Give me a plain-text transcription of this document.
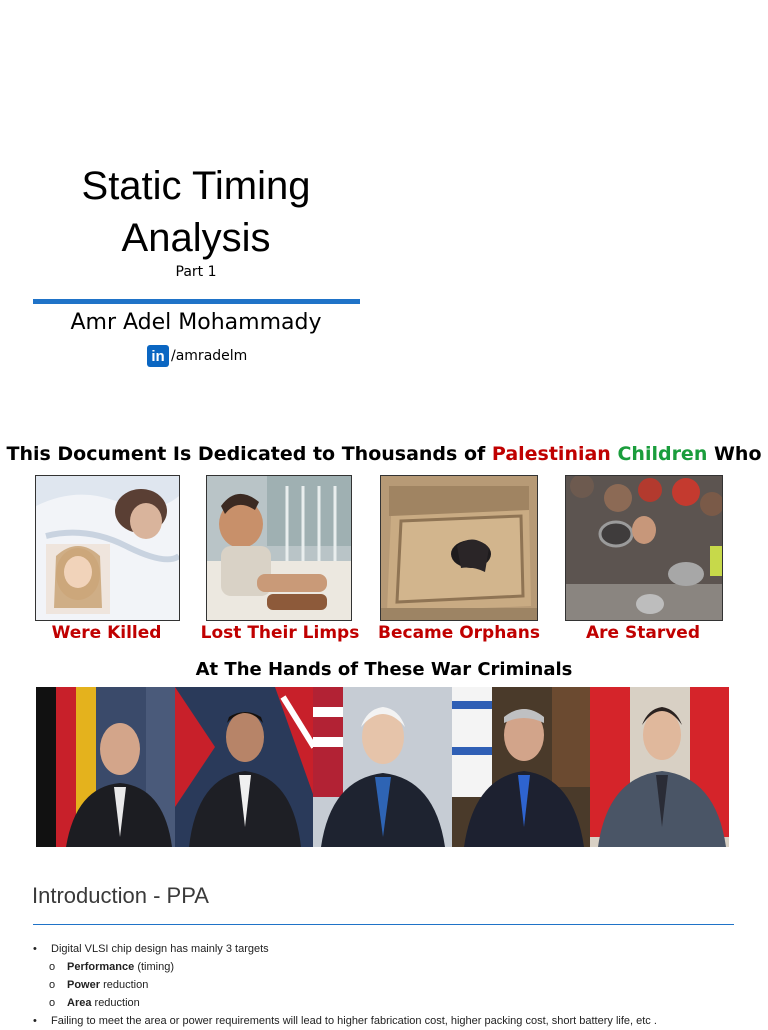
Static Timing
Analysis
Part 1
Amr Adel Mohammady
in /amradelm
This Document Is Dedicated to Thousands of Palestinian Children Who
Were Killed	Lost Their Limps Became Orphans	Are Starved
At The Hands of These War Criminals
Introduction - PPA
• Digital VLSI chip design has mainly 3 targets
o Performance (timing)
o Power reduction
o Area reduction
• Failing to meet the area or power requirements will lead to higher fabrication cost, higher packing cost, short battery life, etc .
